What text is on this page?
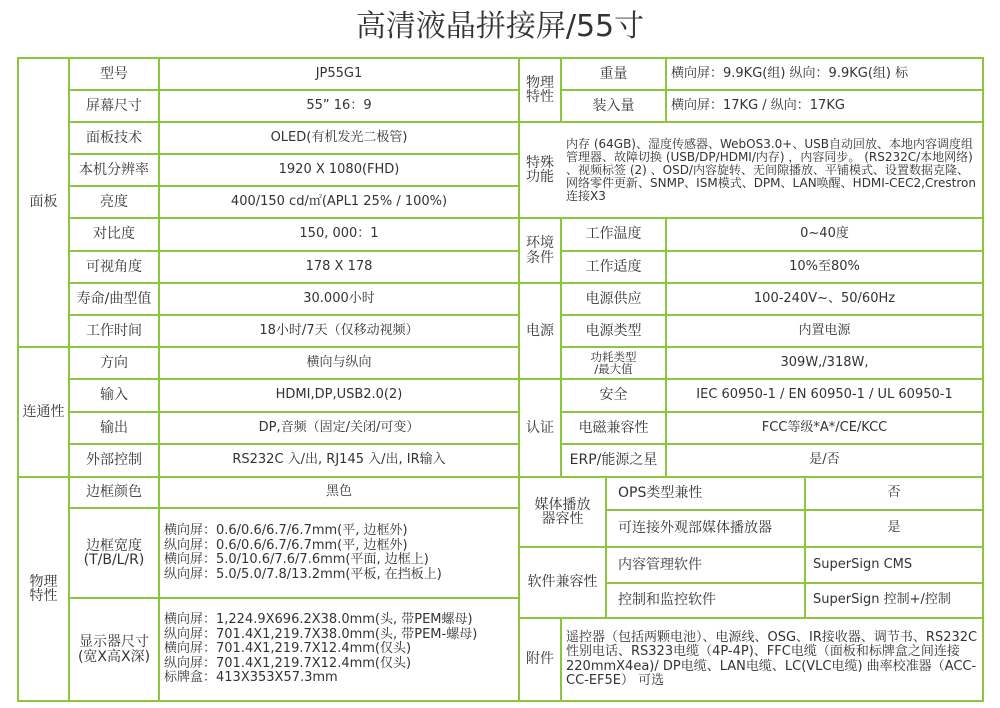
高清液晶拼接屏/55寸
面板
连通性
物理
特性
型号
屏幕尺寸
面板技术
本机分辨率
亮度
对比度
可视角度
寿命/曲型值
工作时间
方向
输入
输出
外部控制
边框颜色
边框宽度
(T/B/L/R)
显示器尺寸
(宽X高X深)
JP55G1
55” 16：9
OLED(有机发光二极管)
1920 X 1080(FHD)
400/150 cd/㎡(APL1 25% / 100%)
150, 000：1
178 X 178
30.000小时
18小时/7天（仅移动视频）
横向与纵向
HDMI,DP,USB2.0(2)
DP,音频（固定/关闭/可变）
RS232C 入/出, RJ145 入/出, IR输入
黑色
横向屏：0.6/0.6/6.7/6.7mm(平, 边框外)
纵向屏：0.6/0.6/6.7/6.7mm(平, 边框外)
横向屏：5.0/10.6/7.6/7.6mm(平面, 边框上)
纵向屏：5.0/5.0/7.8/13.2mm(平板, 在挡板上)
横向屏：1,224.9X696.2X38.0mm(头, 带PEM螺母)
纵向屏：701.4X1,219.7X38.0mm(头, 带PEM-螺母)
横向屏：701.4X1,219.7X12.4mm(仅头)
纵向屏：701.4X1,219.7X12.4mm(仅头)
标牌盒：413X353X57.3mm
物理
特性
特殊
功能
环境
条件
电源
认证
媒体播放
器容性
软件兼容性
附件
重量
装入量
工作温度
工作适度
电源供应
电源类型
功耗类型
/最大值
安全
电磁兼容性
ERP/能源之星
OPS类型兼性
可连接外观部媒体播放器
内容管理软件
控制和监控软件
横向屏：9.9KG(组) 纵向：9.9KG(组) 标
横向屏：17KG / 纵向：17KG
内存 (64GB)、湿度传感器、WebOS3.0+、USB自动回放、本地内容调度组管理器、故障切换 (USB/DP/HDMI/内存) ，内容同步。 (RS232C/本地网络) 、视频标签 (2) 、OSD/内容旋转、无间隙播放、平铺模式、设置数据克隆、网络零件更新、SNMP、ISM模式、DPM、LAN唤醒、HDMI-CEC2,Crestron 连接X3
0~40度
10%至80%
100-240V~、50/60Hz
内置电源
309W,/318W,
IEC 60950-1 / EN 60950-1 / UL 60950-1
FCC等级*A*/CE/KCC
是/否
否
是
SuperSign CMS
SuperSign 控制+/控制
遥控器（包括两颗电池）、电源线、OSG、IR接收器、调节书、RS232C性别电话、RS323电缆（4P-4P)、FFC电缆（面板和标牌盒之间连接220mmX4ea)/ DP电缆、LAN电缆、LC(VLC电缆) 曲率校准器（ACC-CC-EF5E） 可选
